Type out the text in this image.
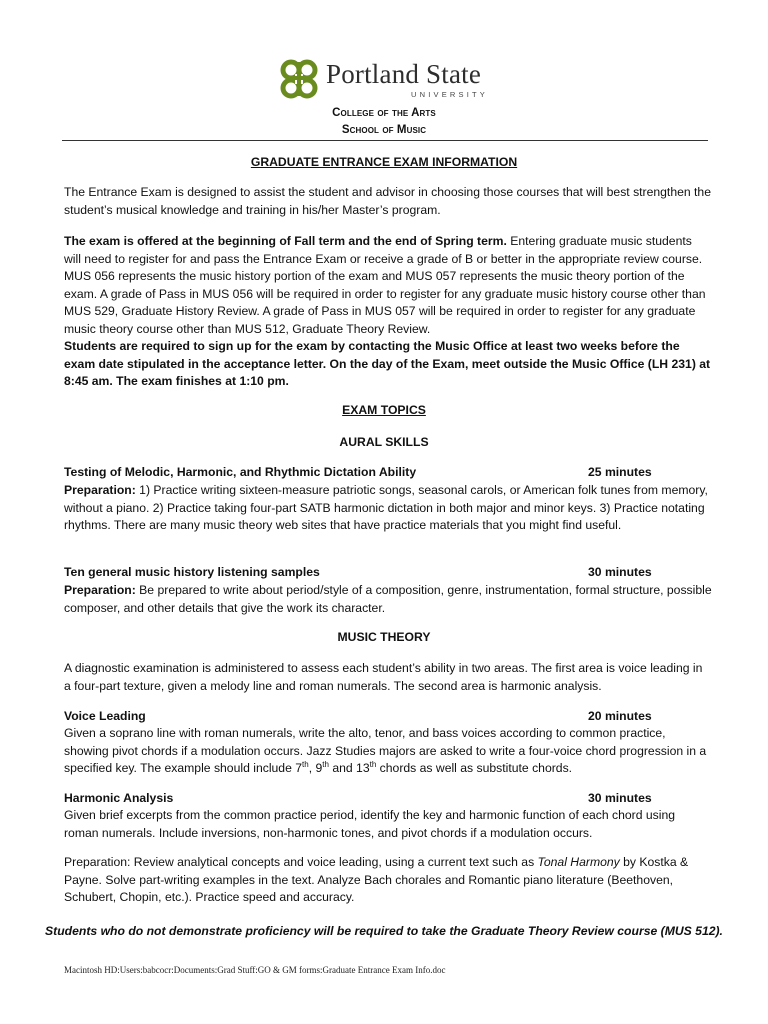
Portland State
UNIVERSITY
College of the Arts
School of Music
GRADUATE ENTRANCE EXAM INFORMATION
The Entrance Exam is designed to assist the student and advisor in choosing those courses that will best strengthen the student’s musical knowledge and training in his/her Master’s program.
The exam is offered at the beginning of Fall term and the end of Spring term. Entering graduate music students will need to register for and pass the Entrance Exam or receive a grade of B or better in the appropriate review course. MUS 056 represents the music history portion of the exam and MUS 057 represents the music theory portion of the exam. A grade of Pass in MUS 056 will be required in order to register for any graduate music history course other than MUS 529, Graduate History Review. A grade of Pass in MUS 057 will be required in order to register for any graduate music theory course other than MUS 512, Graduate Theory Review.
Students are required to sign up for the exam by contacting the Music Office at least two weeks before the exam date stipulated in the acceptance letter. On the day of the Exam, meet outside the Music Office (LH 231) at 8:45 am. The exam finishes at 1:10 pm.
EXAM TOPICS
AURAL SKILLS
Testing of Melodic, Harmonic, and Rhythmic Dictation Ability	25 minutes
Preparation: 1) Practice writing sixteen-measure patriotic songs, seasonal carols, or American folk tunes from memory, without a piano. 2) Practice taking four-part SATB harmonic dictation in both major and minor keys. 3) Practice notating rhythms. There are many music theory web sites that have practice materials that you might find useful.
Ten general music history listening samples	30 minutes
Preparation: Be prepared to write about period/style of a composition, genre, instrumentation, formal structure, possible composer, and other details that give the work its character.
MUSIC THEORY
A diagnostic examination is administered to assess each student’s ability in two areas. The first area is voice leading in a four-part texture, given a melody line and roman numerals. The second area is harmonic analysis.
Voice Leading	20 minutes
Given a soprano line with roman numerals, write the alto, tenor, and bass voices according to common practice, showing pivot chords if a modulation occurs. Jazz Studies majors are asked to write a four-voice chord progression in a specified key. The example should include 7th, 9th and 13th chords as well as substitute chords.
Harmonic Analysis	30 minutes
Given brief excerpts from the common practice period, identify the key and harmonic function of each chord using roman numerals. Include inversions, non-harmonic tones, and pivot chords if a modulation occurs.
Preparation: Review analytical concepts and voice leading, using a current text such as Tonal Harmony by Kostka & Payne. Solve part-writing examples in the text. Analyze Bach chorales and Romantic piano literature (Beethoven, Schubert, Chopin, etc.). Practice speed and accuracy.
Students who do not demonstrate proficiency will be required to take the Graduate Theory Review course (MUS 512).
Macintosh HD:Users:babcocr:Documents:Grad Stuff:GO & GM forms:Graduate Entrance Exam Info.doc
